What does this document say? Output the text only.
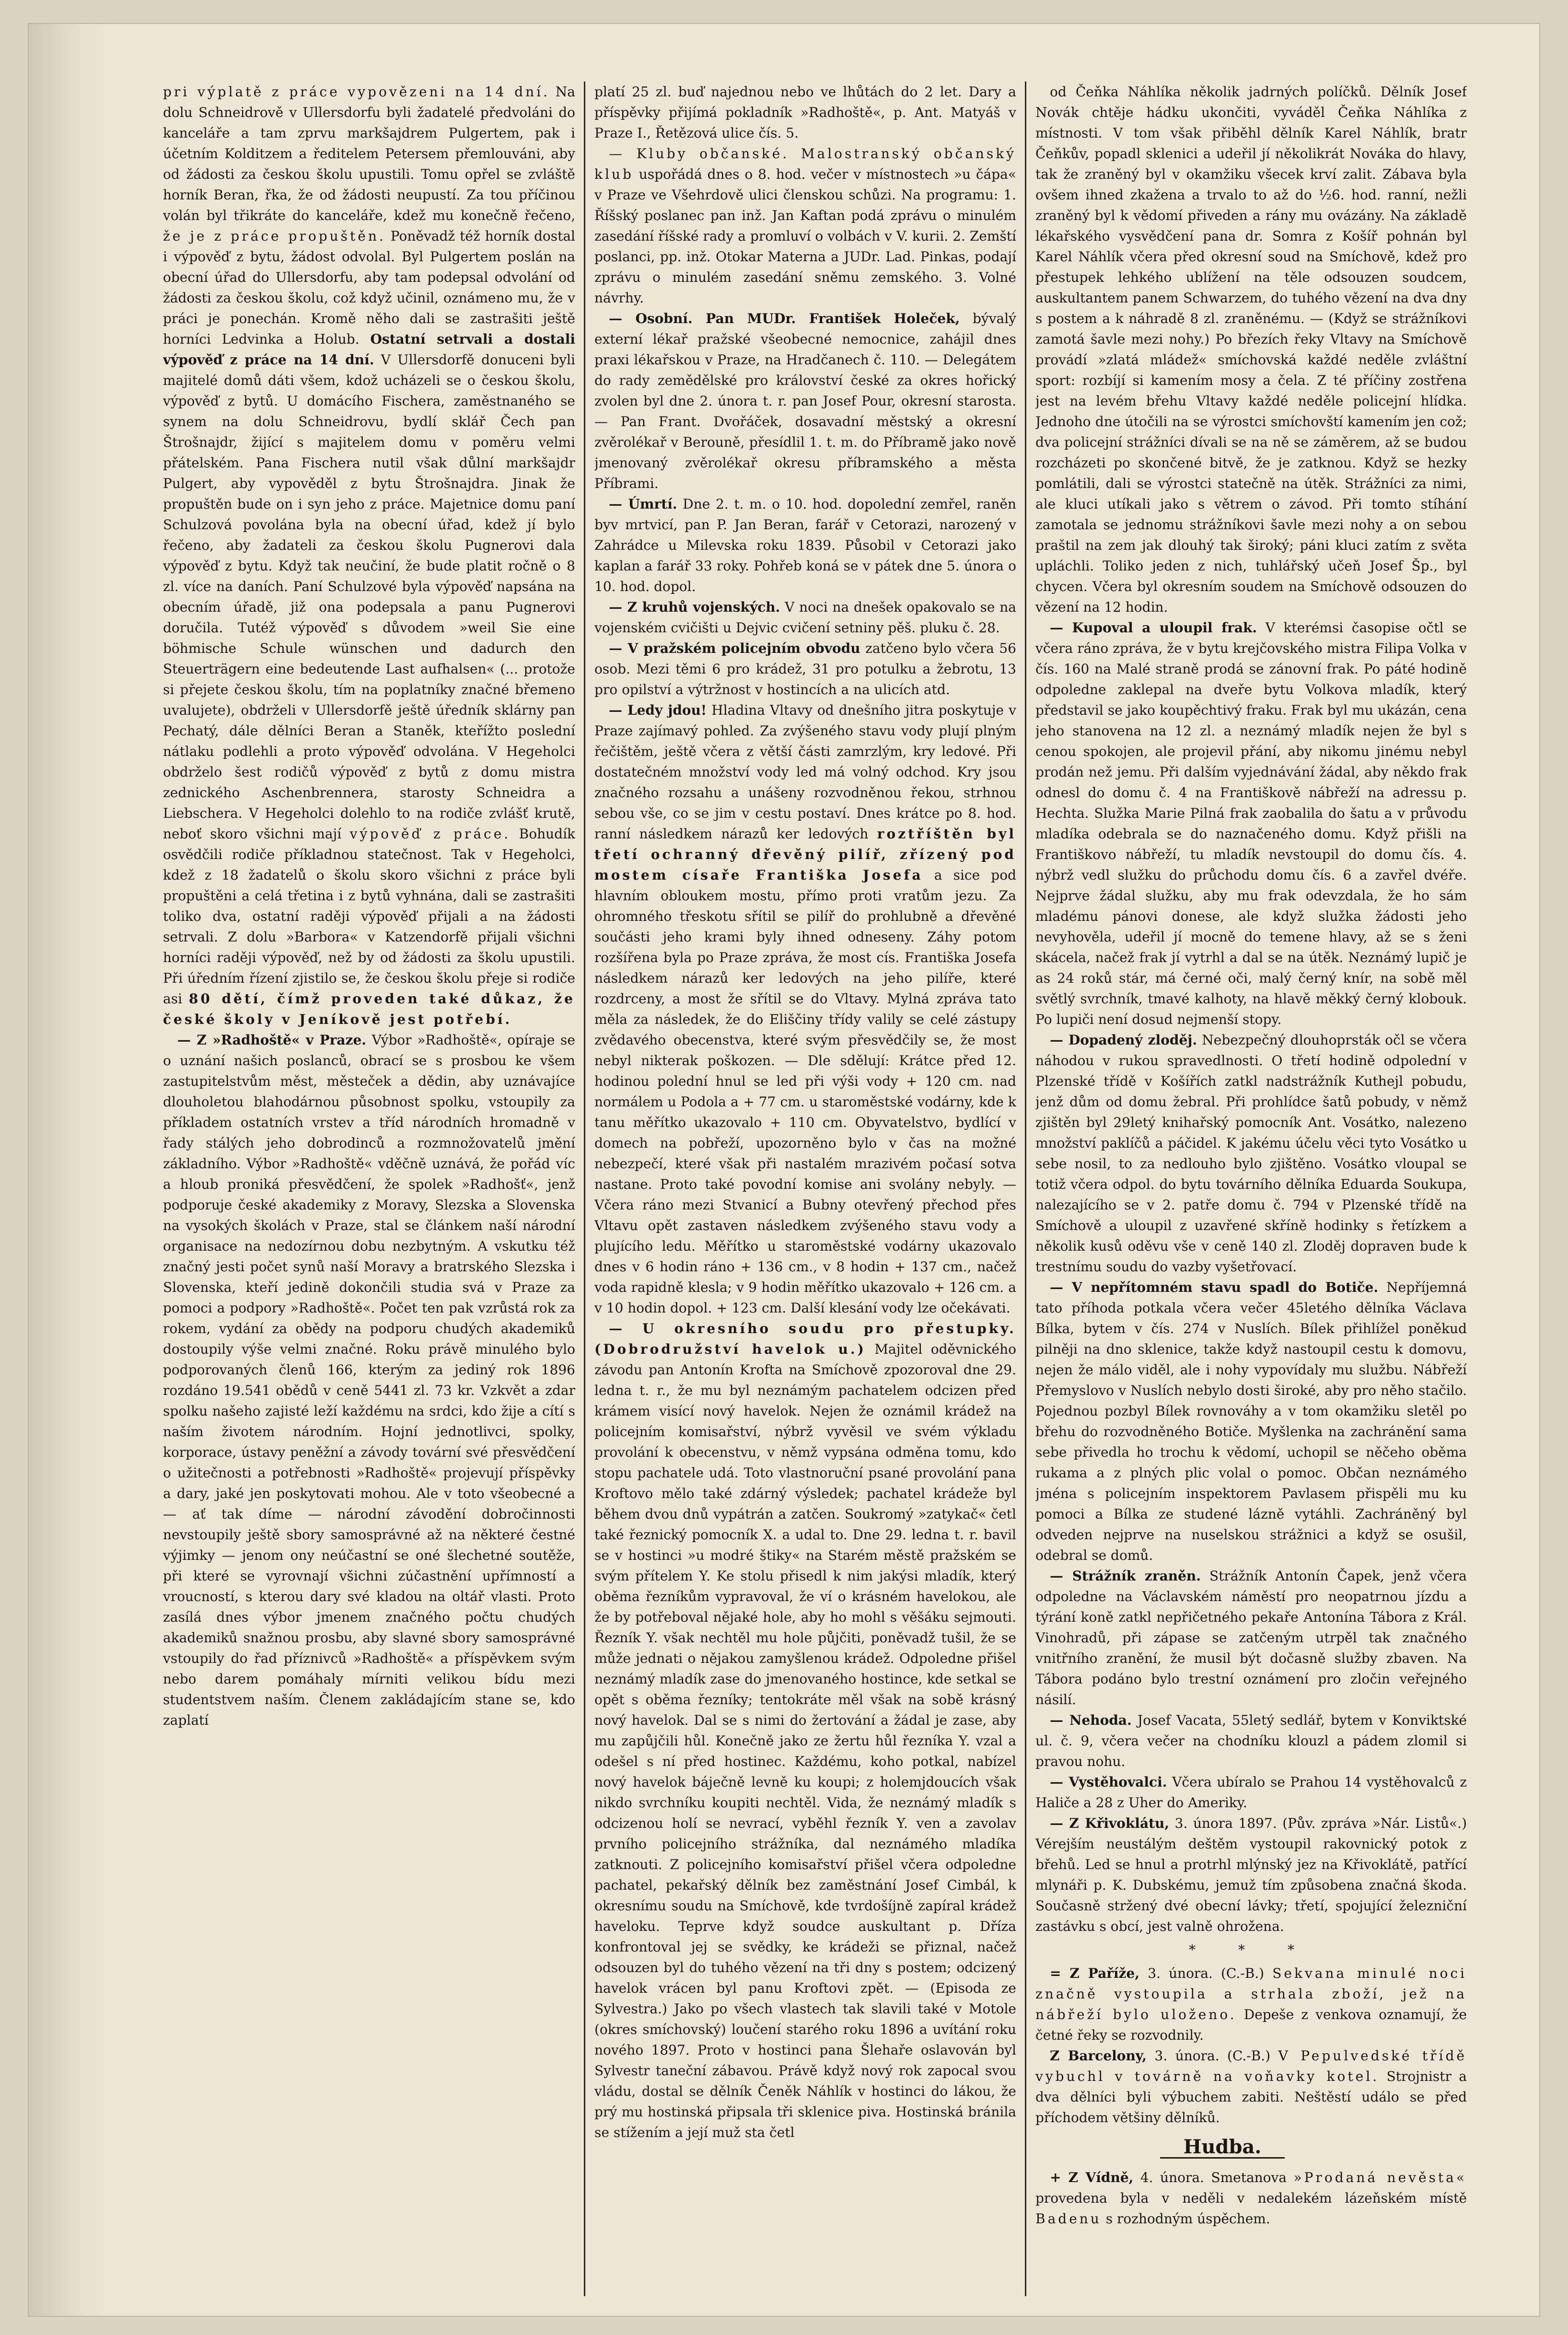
pri výplatě z práce vypovězeni na 14 dní. Na dolu Schneidrově v Ullersdorfu byli žadatelé předvoláni do kanceláře a tam zprvu markšajdrem Pulgertem, pak i účetním Kolditzem a ředitelem Petersem přemlouváni, aby od žádosti za českou školu upustili. Tomu opřel se zvláště horník Beran, řka, že od žádosti neupustí. Za tou příčinou volán byl třikráte do kanceláře, kdež mu konečně řečeno, že je z práce propuštěn. Poněvadž též horník dostal i výpověď z bytu, žádost odvolal. Byl Pulgertem poslán na obecní úřad do Ullersdorfu, aby tam podepsal odvolání od žádosti za českou školu, což když učinil, oznámeno mu, že v práci je ponechán. Kromě něho dali se zastrašiti ještě horníci Ledvinka a Holub. Ostatní setrvali a dostali výpověď z práce na 14 dní. V Ullersdorfě donuceni byli majitelé domů dáti všem, kdož ucházeli se o českou školu, výpověď z bytů. U domácího Fischera, zaměstnaného se synem na dolu Schneidrovu, bydlí sklář Čech pan Štrošnajdr, žijící s majitelem domu v poměru velmi přátelském. Pana Fischera nutil však důlní markšajdr Pulgert, aby vypověděl z bytu Štrošnajdra. Jinak že propuštěn bude on i syn jeho z práce. Majetnice domu paní Schulzová povolána byla na obecní úřad, kdež jí bylo řečeno, aby žadateli za českou školu Pugnerovi dala výpověď z bytu. Když tak neučiní, že bude platit ročně o 8 zl. více na daních. Paní Schulzové byla výpověď napsána na obecním úřadě, již ona podepsala a panu Pugnerovi doručila. Tutéž výpověď s důvodem »weil Sie eine böhmische Schule wünschen und dadurch den Steuerträgern eine bedeutende Last aufhalsen« (... protože si přejete českou školu, tím na poplatníky značné břemeno uvalujete), obdrželi v Ullersdorfě ještě úředník sklárny pan Pechatý, dále dělníci Beran a Staněk, kteřížto poslední nátlaku podlehli a proto výpověď odvolána. V Hegeholci obdrželo šest rodičů výpověď z bytů z domu mistra zednického Aschenbrennera, starosty Schneidra a Liebschera. V Hegeholci dolehlo to na rodiče zvlášť krutě, neboť skoro všichni mají výpověď z práce. Bohudík osvědčili rodiče příkladnou statečnost. Tak v Hegeholci, kdež z 18 žadatelů o školu skoro všichni z práce byli propuštěni a celá třetina i z bytů vyhnána, dali se zastrašiti toliko dva, ostatní raději výpověď přijali a na žádosti setrvali. Z dolu »Barbora« v Katzendorfě přijali všichni horníci raději výpověď, než by od žádosti za školu upustili. Při úředním řízení zjistilo se, že českou školu přeje si rodiče asi 80 dětí, čímž proveden také důkaz, že české školy v Jeníkově jest potřebí.

— Z »Radhoště« v Praze. Výbor »Radhoště«, opíraje se o uznání našich poslanců, obrací se s prosbou ke všem zastupitelstvům měst, městeček a dědin, aby uznávajíce dlouholetou blahodárnou působnost spolku, vstoupily za příkladem ostatních vrstev a tříd národních hromadně v řady stálých jeho dobrodinců a rozmnožovatelů jmění základního. Výbor »Radhoště« vděčně uznává, že pořád víc a hloub proniká přesvědčení, že spolek »Radhošť«, jenž podporuje české akademiky z Moravy, Slezska a Slovenska na vysokých školách v Praze, stal se článkem naší národní organisace na nedozírnou dobu nezbytným. A vskutku též značný jesti počet synů naší Moravy a bratrského Slezska i Slovenska, kteří jedině dokončili studia svá v Praze za pomoci a podpory »Radhoště«. Počet ten pak vzrůstá rok za rokem, vydání za obědy na podporu chudých akademiků dostoupily výše velmi značné. Roku právě minulého bylo podporovaných členů 166, kterým za jediný rok 1896 rozdáno 19.541 obědů v ceně 5441 zl. 73 kr. Vzkvět a zdar spolku našeho zajisté leží každému na srdci, kdo žije a cítí s naším životem národním. Hojní jednotlivci, spolky, korporace, ústavy peněžní a závody tovární své přesvědčení o užitečnosti a potřebnosti »Radhoště« projevují příspěvky a dary, jaké jen poskytovati mohou. Ale v toto všeobecné a — ať tak díme — národní závodění dobročinnosti nevstoupily ještě sbory samosprávné až na některé čestné výjimky — jenom ony neúčastní se oné šlechetné soutěže, při které se vyrovnají všichni zúčastnění upřímností a vroucností, s kterou dary své kladou na oltář vlasti. Proto zasílá dnes výbor jmenem značného počtu chudých akademiků snažnou prosbu, aby slavné sbory samosprávné vstoupily do řad příznivců »Radhoště« a příspěvkem svým nebo darem pomáhaly mírniti velikou bídu mezi studentstvem naším. Členem zakládajícím stane se, kdo zaplatí

platí 25 zl. buď najednou nebo ve lhůtách do 2 let. Dary a příspěvky přijímá pokladník »Radhoště«, p. Ant. Matyáš v Praze I., Řetězová ulice čís. 5.

— Kluby občanské. Malostranský občanský klub uspořádá dnes o 8. hod. večer v místnostech »u čápa« v Praze ve Všehrdově ulici členskou schůzi. Na programu: 1. Říšský poslanec pan inž. Jan Kaftan podá zprávu o minulém zasedání říšské rady a promluví o volbách v V. kurii. 2. Zemští poslanci, pp. inž. Otokar Materna a JUDr. Lad. Pinkas, podají zprávu o minulém zasedání sněmu zemského. 3. Volné návrhy.

— Osobní. Pan MUDr. František Holeček, bývalý externí lékař pražské všeobecné nemocnice, zahájil dnes praxi lékařskou v Praze, na Hradčanech č. 110. — Delegátem do rady zemědělské pro království české za okres hořický zvolen byl dne 2. února t. r. pan Josef Pour, okresní starosta. — Pan Frant. Dvořáček, dosavadní městský a okresní zvěrolékař v Berouně, přesídlil 1. t. m. do Příbramě jako nově jmenovaný zvěrolékař okresu příbramského a města Příbrami.

— Úmrtí. Dne 2. t. m. o 10. hod. dopolední zemřel, raněn byv mrtvicí, pan P. Jan Beran, farář v Cetorazi, narozený v Zahrádce u Milevska roku 1839. Působil v Cetorazi jako kaplan a farář 33 roky. Pohřeb koná se v pátek dne 5. února o 10. hod. dopol.

— Z kruhů vojenských. V noci na dnešek opakovalo se na vojenském cvičišti u Dejvic cvičení setniny pěš. pluku č. 28.

— V pražském policejním obvodu zatčeno bylo včera 56 osob. Mezi těmi 6 pro krádež, 31 pro potulku a žebrotu, 13 pro opilství a výtržnost v hostincích a na ulicích atd.

— Ledy jdou! Hladina Vltavy od dnešního jitra poskytuje v Praze zajímavý pohled. Za zvýšeného stavu vody plují plným řečištěm, ještě včera z větší části zamrzlým, kry ledové. Při dostatečném množství vody led má volný odchod. Kry jsou značného rozsahu a unášeny rozvodněnou řekou, strhnou sebou vše, co se jim v cestu postaví. Dnes krátce po 8. hod. ranní následkem nárazů ker ledových roztříštěn byl třetí ochranný dřevěný pilíř, zřízený pod mostem císaře Františka Josefa a sice pod hlavním obloukem mostu, přímo proti vratům jezu. Za ohromného třeskotu sřítil se pilíř do prohlubně a dřevěné součásti jeho krami byly ihned odneseny. Záhy potom rozšířena byla po Praze zpráva, že most cís. Františka Josefa následkem nárazů ker ledových na jeho pilíře, které rozdrceny, a most že sřítil se do Vltavy. Mylná zpráva tato měla za následek, že do Eliščiny třídy valily se celé zástupy zvědavého obecenstva, které svým přesvědčily se, že most nebyl nikterak poškozen. — Dle sdělují: Krátce před 12. hodinou polední hnul se led při výši vody + 120 cm. nad normálem u Podola a + 77 cm. u staroměstské vodárny, kde k tanu měřítko ukazovalo + 110 cm. Obyvatelstvo, bydlící v domech na pobřeží, upozorněno bylo v čas na možné nebezpečí, které však při nastalém mrazivém počasí sotva nastane. Proto také povodní komise ani svolány nebyly. — Včera ráno mezi Stvanicí a Bubny otevřený přechod přes Vltavu opět zastaven následkem zvýšeného stavu vody a plujícího ledu. Měřítko u staroměstské vodárny ukazovalo dnes v 6 hodin ráno + 136 cm., v 8 hodin + 137 cm., načež voda rapidně klesla; v 9 hodin měřítko ukazovalo + 126 cm. a v 10 hodin dopol. + 123 cm. Další klesání vody lze očekávati.

— U okresního soudu pro přestupky. (Dobrodružství havelok u.) Majitel oděvnického závodu pan Antonín Krofta na Smíchově zpozoroval dne 29. ledna t. r., že mu byl neznámým pachatelem odcizen před krámem visící nový havelok. Nejen že oznámil krádež na policejním komisařství, nýbrž vyvěsil ve svém výkladu provolání k obecenstvu, v němž vypsána odměna tomu, kdo stopu pachatele udá. Toto vlastnoruční psané provolání pana Kroftovo mělo také zdárný výsledek; pachatel krádeže byl během dvou dnů vypátrán a zatčen. Soukromý »zatykač« četl také řeznický pomocník X. a udal to. Dne 29. ledna t. r. bavil se v hostinci »u modré štiky« na Starém městě pražském se svým přítelem Y. Ke stolu přisedl k nim jakýsi mladík, který oběma řezníkům vypravoval, že ví o krásném havelokou, ale že by potřeboval nějaké hole, aby ho mohl s věšáku sejmouti. Řezník Y. však nechtěl mu hole půjčiti, poněvadž tušil, že se může jednati o nějakou zamyšlenou krádež. Odpoledne přišel neznámý mladík zase do jmenovaného hostince, kde setkal se opět s oběma řezníky; tentokráte měl však na sobě krásný nový havelok. Dal se s nimi do žertování a žádal je zase, aby mu zapůjčili hůl. Konečně jako ze žertu hůl řezníka Y. vzal a odešel s ní před hostinec. Každému, koho potkal, nabízel nový havelok báječně levně ku koupi; z holemjdoucích však nikdo svrchníku koupiti nechtěl. Vida, že neznámý mladík s odcizenou holí se nevrací, vyběhl řezník Y. ven a zavolav prvního policejního strážníka, dal neznámého mladíka zatknouti. Z policejního komisařství přišel včera odpoledne pachatel, pekařský dělník bez zaměstnání Josef Cimbál, k okresnímu soudu na Smíchově, kde tvrdošíjně zapíral krádež haveloku. Teprve když soudce auskultant p. Dříza konfrontoval jej se svědky, ke krádeži se přiznal, načež odsouzen byl do tuhého vězení na tři dny s postem; odcizený havelok vrácen byl panu Kroftovi zpět. — (Episoda ze Sylvestra.) Jako po všech vlastech tak slavili také v Motole (okres smíchovský) loučení starého roku 1896 a uvítání roku nového 1897. Proto v hostinci pana Šlehaře oslavován byl Sylvestr taneční zábavou. Právě když nový rok zapocal svou vládu, dostal se dělník Čeněk Náhlík v hostinci do lákou, že prý mu hostinská připsala tři sklenice piva. Hostinská bránila se stížením a její muž sta četl

od Čeňka Náhlíka několik jadrných políčků. Dělník Josef Novák chtěje hádku ukončiti, vyváděl Čeňka Náhlíka z místnosti. V tom však přiběhl dělník Karel Náhlík, bratr Čeňkův, popadl sklenici a udeřil jí několikrát Nováka do hlavy, tak že zraněný byl v okamžiku všecek krví zalit. Zábava byla ovšem ihned zkažena a trvalo to až do ½6. hod. ranní, nežli zraněný byl k vědomí přiveden a rány mu ovázány. Na základě lékařského vysvědčení pana dr. Somra z Košíř pohnán byl Karel Náhlík včera před okresní soud na Smíchově, kdež pro přestupek lehkého ublížení na těle odsouzen soudcem, auskultantem panem Schwarzem, do tuhého vězení na dva dny s postem a k náhradě 8 zl. zraněnému. — (Když se strážníkovi zamotá šavle mezi nohy.) Po březích řeky Vltavy na Smíchově provádí »zlatá mládež« smíchovská každé neděle zvláštní sport: rozbíjí si kamením mosy a čela. Z té příčiny zostřena jest na levém břehu Vltavy každé neděle policejní hlídka. Jednoho dne útočili na se výrostci smíchovští kamením jen což; dva policejní strážníci dívali se na ně se záměrem, až se budou rozcházeti po skončené bitvě, že je zatknou. Když se hezky pomlátili, dali se výrostci statečně na útěk. Strážníci za nimi, ale kluci utíkali jako s větrem o závod. Při tomto stíhání zamotala se jednomu strážníkovi šavle mezi nohy a on sebou praštil na zem jak dlouhý tak široký; páni kluci zatím z světa upláchli. Toliko jeden z nich, tuhlářský učeň Josef Šp., byl chycen. Včera byl okresním soudem na Smíchově odsouzen do vězení na 12 hodin.

— Kupoval a uloupil frak. V kterémsi časopise očtl se včera ráno zpráva, že v bytu krejčovského mistra Filipa Volka v čís. 160 na Malé straně prodá se zánovní frak. Po páté hodině odpoledne zaklepal na dveře bytu Volkova mladík, který představil se jako koupěchtivý fraku. Frak byl mu ukázán, cena jeho stanovena na 12 zl. a neznámý mladík nejen že byl s cenou spokojen, ale projevil přání, aby nikomu jinému nebyl prodán než jemu. Při dalším vyjednávání žádal, aby někdo frak odnesl do domu č. 4 na Františkově nábřeží na adressu p. Hechta. Služka Marie Pilná frak zaobalila do šatu a v průvodu mladíka odebrala se do naznačeného domu. Když přišli na Františkovo nábřeží, tu mladík nevstoupil do domu čís. 4. nýbrž vedl služku do průchodu domu čís. 6 a zavřel dvéře. Nejprve žádal služku, aby mu frak odevzdala, že ho sám mladému pánovi donese, ale když služka žádosti jeho nevyhověla, udeřil jí mocně do temene hlavy, až se s ženi skácela, načež frak jí vytrhl a dal se na útěk. Neznámý lupič je as 24 roků stár, má černé oči, malý černý knír, na sobě měl světlý svrchník, tmavé kalhoty, na hlavě měkký černý klobouk. Po lupiči není dosud nejmenší stopy.

— Dopadený zloděj. Nebezpečný dlouhoprsták očl se včera náhodou v rukou spravedlnosti. O třetí hodině odpolední v Plzenské třídě v Košířích zatkl nadstrážník Kuthejl pobudu, jenž dům od domu žebral. Při prohlídce šatů pobudy, v němž zjištěn byl 29letý knihařský pomocník Ant. Vosátko, nalezeno množství paklíčů a páčidel. K jakému účelu věci tyto Vosátko u sebe nosil, to za nedlouho bylo zjištěno. Vosátko vloupal se totiž včera odpol. do bytu továrního dělníka Eduarda Soukupa, nalezajícího se v 2. patře domu č. 794 v Plzenské třídě na Smíchově a uloupil z uzavřené skříně hodinky s řetízkem a několik kusů oděvu vše v ceně 140 zl. Zloděj dopraven bude k trestnímu soudu do vazby vyšetřovací.

— V nepřítomném stavu spadl do Botiče. Nepříjemná tato příhoda potkala včera večer 45letého dělníka Václava Bílka, bytem v čís. 274 v Nuslích. Bílek přihlížel poněkud pilněji na dno sklenice, takže když nastoupil cestu k domovu, nejen že málo viděl, ale i nohy vypovídaly mu službu. Nábřeží Přemyslovo v Nuslích nebylo dosti široké, aby pro něho stačilo. Pojednou pozbyl Bílek rovnováhy a v tom okamžiku sletěl po břehu do rozvodněného Botiče. Myšlenka na zachránění sama sebe přivedla ho trochu k vědomí, uchopil se něčeho oběma rukama a z plných plic volal o pomoc. Občan neznámého jména s policejním inspektorem Pavlasem přispěli mu ku pomoci a Bílka ze studené lázně vytáhli. Zachráněný byl odveden nejprve na nuselskou strážnici a když se osušil, odebral se domů.

— Strážník zraněn. Strážník Antonín Čapek, jenž včera odpoledne na Václavském náměstí pro neopatrnou jízdu a týrání koně zatkl nepřičetného pekaře Antonína Tábora z Král. Vinohradů, při zápase se zatčeným utrpěl tak značného vnitřního zranění, že musil být dočasně služby zbaven. Na Tábora podáno bylo trestní oznámení pro zločin veřejného násilí.

— Nehoda. Josef Vacata, 55letý sedlář, bytem v Konviktské ul. č. 9, včera večer na chodníku klouzl a pádem zlomil si pravou nohu.

— Vystěhovalci. Včera ubíralo se Prahou 14 vystěhovalců z Haliče a 28 z Uher do Ameriky.

— Z Křivoklátu, 3. února 1897. (Pův. zpráva »Nár. Listů«.) Vérejším neustálým deštěm vystoupil rakovnický potok z břehů. Led se hnul a protrhl mlýnský jez na Křivoklátě, patřící mlynáři p. K. Dubskému, jemuž tím způsobena značná škoda. Současně stržený dvé obecní lávky; třetí, spojující železniční zastávku s obcí, jest valně ohrožena.

* * *

= Z Paříže, 3. února. (C.-B.) Sekvana minulé noci značně vystoupila a strhala zboží, jež na nábřeží bylo uloženo. Depeše z venkova oznamují, že četné řeky se rozvodnily.

Z Barcelony, 3. února. (C.-B.) V Pepulvedské třídě vybuchl v továrně na voňavky kotel. Strojnistr a dva dělníci byli výbuchem zabiti. Neštěstí událo se před příchodem většiny dělníků.

Hudba.

+ Z Vídně, 4. února. Smetanova »Prodaná nevěsta« provedena byla v neděli v nedalekém lázeňském místě Badenu s rozhodným úspěchem.
